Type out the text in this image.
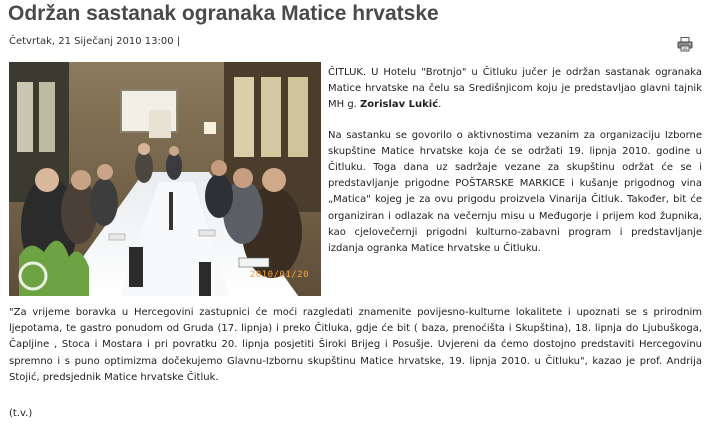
Održan sastanak ogranaka Matice hrvatske
Četvrtak, 21 Siječanj 2010 13:00 |
2010/01/20

ČITLUK. U Hotelu "Brotnjo" u Čitluku jučer je održan sastanak ogranaka Matice hrvatske na čelu sa Središnjicom koju je predstavljao glavni tajnik MH g. Zorislav Lukić.

Na sastanku se govorilo o aktivnostima vezanim za organizaciju Izborne skupštine Matice hrvatske koja će se održati 19. lipnja 2010. godine u Čitluku. Toga dana uz sadržaje vezane za skupštinu održat će se i predstavljanje prigodne POŠTARSKE MARKICE i kušanje prigodnog vina „Matica" kojeg je za ovu prigodu proizvela Vinarija Čitluk. Također, bit će organiziran i odlazak na večernju misu u Međugorje i prijem kod župnika, kao cjelovečernji prigodni kulturno-zabavni program i predstavljanje izdanja ogranka Matice hrvatske u Čitluku.

"Za vrijeme boravka u Hercegovini zastupnici će moći razgledati znamenite povijesno-kulturne lokalitete i upoznati se s prirodnim ljepotama, te gastro ponudom od Gruda (17. lipnja) i preko Čitluka, gdje će bit ( baza, prenoćišta i Skupština), 18. lipnja do Ljubuškoga, Čapljine , Stoca i Mostara i pri povratku 20. lipnja posjetiti Široki Brijeg i Posušje. Uvjereni da ćemo dostojno predstaviti Hercegovinu spremno i s puno optimizma dočekujemo Glavnu-Izbornu skupštinu Matice hrvatske, 19. lipnja 2010. u Čitluku", kazao je prof. Andrija Stojić, predsjednik Matice hrvatske Čitluk.

(t.v.)
